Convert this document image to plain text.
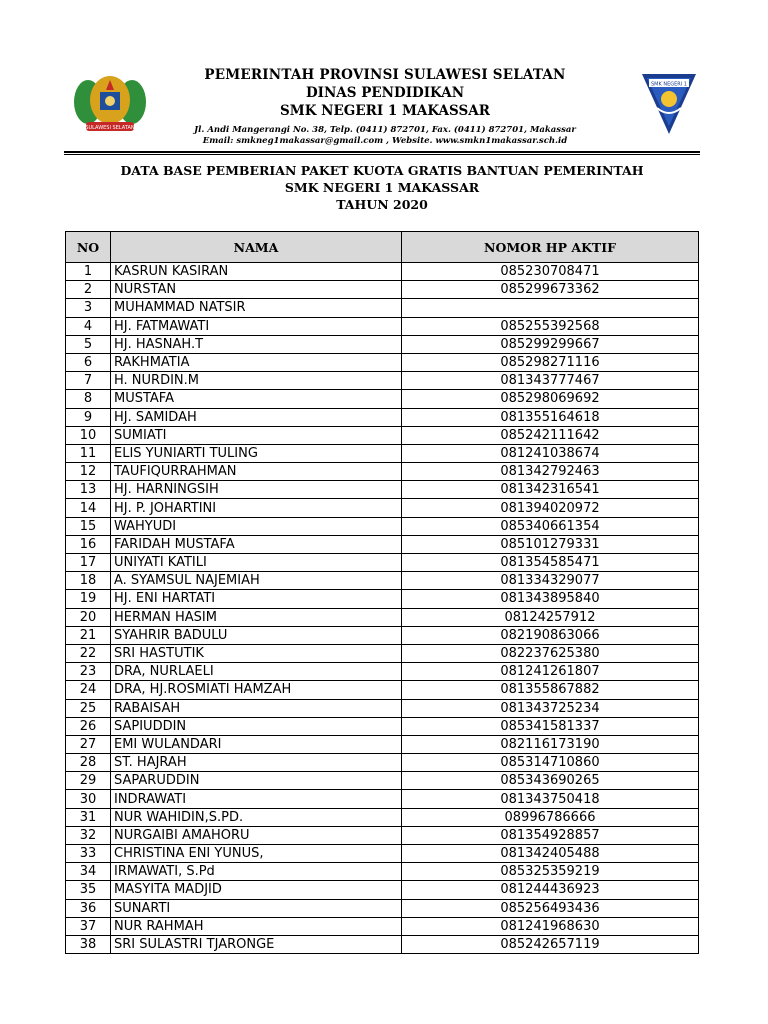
SULAWESI SELATAN
PEMERINTAH PROVINSI SULAWESI SELATAN
DINAS PENDIDIKAN
SMK NEGERI 1 MAKASSAR
Jl. Andi Mangerangi No. 38, Telp. (0411) 872701, Fax. (0411) 872701, Makassar
Email: smkneg1makassar@gmail.com , Website. www.smkn1makassar.sch.id
SMK NEGERI 1
DATA BASE PEMBERIAN PAKET KUOTA GRATIS BANTUAN PEMERINTAH
SMK NEGERI 1 MAKASSAR
TAHUN 2020
NO	NAMA	NOMOR HP AKTIF
1	KASRUN KASIRAN	085230708471
2	NURSTAN	085299673362
3	MUHAMMAD NATSIR	
4	HJ. FATMAWATI	085255392568
5	HJ. HASNAH.T	085299299667
6	RAKHMATIA	085298271116
7	H. NURDIN.M	081343777467
8	MUSTAFA	085298069692
9	HJ. SAMIDAH	081355164618
10	SUMIATI	085242111642
11	ELIS YUNIARTI TULING	081241038674
12	TAUFIQURRAHMAN	081342792463
13	HJ. HARNINGSIH	081342316541
14	HJ. P. JOHARTINI	081394020972
15	WAHYUDI	085340661354
16	FARIDAH MUSTAFA	085101279331
17	UNIYATI KATILI	081354585471
18	A. SYAMSUL NAJEMIAH	081334329077
19	HJ. ENI HARTATI	081343895840
20	HERMAN HASIM	08124257912
21	SYAHRIR BADULU	082190863066
22	SRI HASTUTIK	082237625380
23	DRA, NURLAELI	081241261807
24	DRA, HJ.ROSMIATI HAMZAH	081355867882
25	RABAISAH	081343725234
26	SAPIUDDIN	085341581337
27	EMI WULANDARI	082116173190
28	ST. HAJRAH	085314710860
29	SAPARUDDIN	085343690265
30	INDRAWATI	081343750418
31	NUR WAHIDIN,S.PD.	08996786666
32	NURGAIBI AMAHORU	081354928857
33	CHRISTINA ENI YUNUS,	081342405488
34	IRMAWATI, S.Pd	085325359219
35	MASYITA MADJID	081244436923
36	SUNARTI	085256493436
37	NUR RAHMAH	081241968630
38	SRI SULASTRI TJARONGE	085242657119
